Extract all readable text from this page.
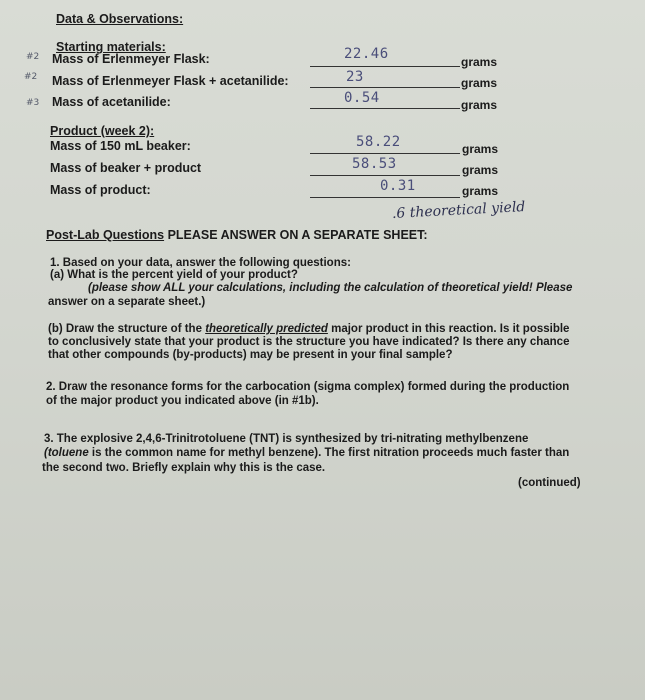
Data & Observations:
Starting materials:
#2 Mass of Erlenmeyer Flask:	22.46	grams
#2 Mass of Erlenmeyer Flask + acetanilide:	23	grams
#3 Mass of acetanilide:	0.54	grams
Product (week 2):
Mass of 150 mL beaker:	58.22	grams
Mass of beaker + product	58.53	grams
Mass of product:	0.31	grams
.6 theoretical yield
Post-Lab Questions PLEASE ANSWER ON A SEPARATE SHEET:
1. Based on your data, answer the following questions:
(a) What is the percent yield of your product?
(please show ALL your calculations, including the calculation of theoretical yield! Please
answer on a separate sheet.)
(b) Draw the structure of the theoretically predicted major product in this reaction. Is it possible
to conclusively state that your product is the structure you have indicated? Is there any chance
that other compounds (by-products) may be present in your final sample?
2. Draw the resonance forms for the carbocation (sigma complex) formed during the production
of the major product you indicated above (in #1b).
3. The explosive 2,4,6-Trinitrotoluene (TNT) is synthesized by tri-nitrating methylbenzene
(toluene is the common name for methyl benzene). The first nitration proceeds much faster than
the second two. Briefly explain why this is the case.
(continued)
